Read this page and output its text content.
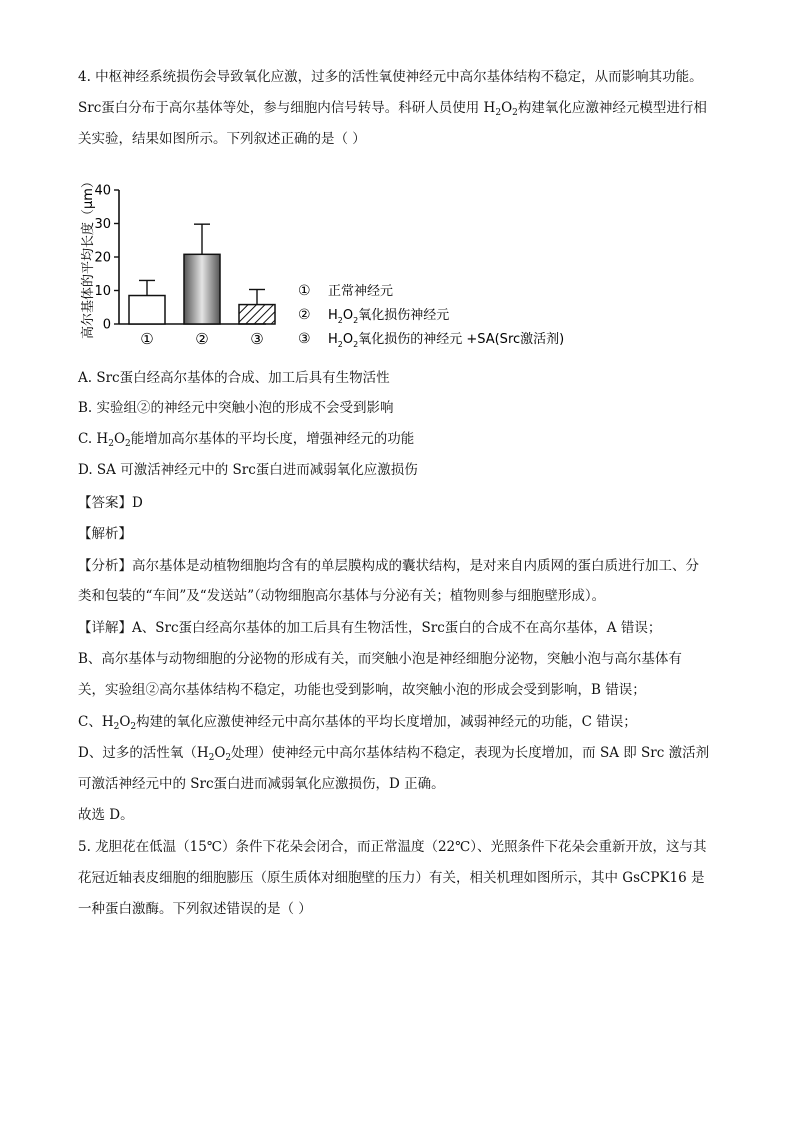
4. 中枢神经系统损伤会导致氧化应激，过多的活性氧使神经元中高尔基体结构不稳定，从而影响其功能。
Src蛋白分布于高尔基体等处，参与细胞内信号转导。科研人员使用 $H_2O_2$构建氧化应激神经元模型进行相
关实验，结果如图所示。下列叙述正确的是（ ）
高尔基体的平均长度（μm） 0
10
20
30
40
①	②	③
① 正常神经元
② $H_2O_2$氧化损伤神经元
③ $H_2O_2$氧化损伤的神经元 +SA(Src激活剂)
A. Src蛋白经高尔基体的合成、加工后具有生物活性
B. 实验组②的神经元中突触小泡的形成不会受到影响
C. $H_2O_2$能增加高尔基体的平均长度，增强神经元的功能
D. SA 可激活神经元中的 Src蛋白进而减弱氧化应激损伤
【答案】D
【解析】
【分析】高尔基体是动植物细胞均含有的单层膜构成的囊状结构，是对来自内质网的蛋白质进行加工、分
类和包装的“车间”及“发送站”（动物细胞高尔基体与分泌有关；植物则参与细胞壁形成）。
【详解】A、Src蛋白经高尔基体的加工后具有生物活性，Src蛋白的合成不在高尔基体，A 错误；
B、高尔基体与动物细胞的分泌物的形成有关，而突触小泡是神经细胞分泌物，突触小泡与高尔基体有
关，实验组②高尔基体结构不稳定，功能也受到影响，故突触小泡的形成会受到影响，B 错误；
C、$H_2O_2$构建的氧化应激使神经元中高尔基体的平均长度增加，减弱神经元的功能，C 错误；
D、过多的活性氧（$H_2O_2$处理）使神经元中高尔基体结构不稳定，表现为长度增加，而 SA 即 Src 激活剂
可激活神经元中的 Src蛋白进而减弱氧化应激损伤，D 正确。
故选 D。
5. 龙胆花在低温（15℃）条件下花朵会闭合，而正常温度（22℃）、光照条件下花朵会重新开放，这与其
花冠近轴表皮细胞的细胞膨压（原生质体对细胞壁的压力）有关，相关机理如图所示，其中 GsCPK16 是
一种蛋白激酶。下列叙述错误的是（ ）
